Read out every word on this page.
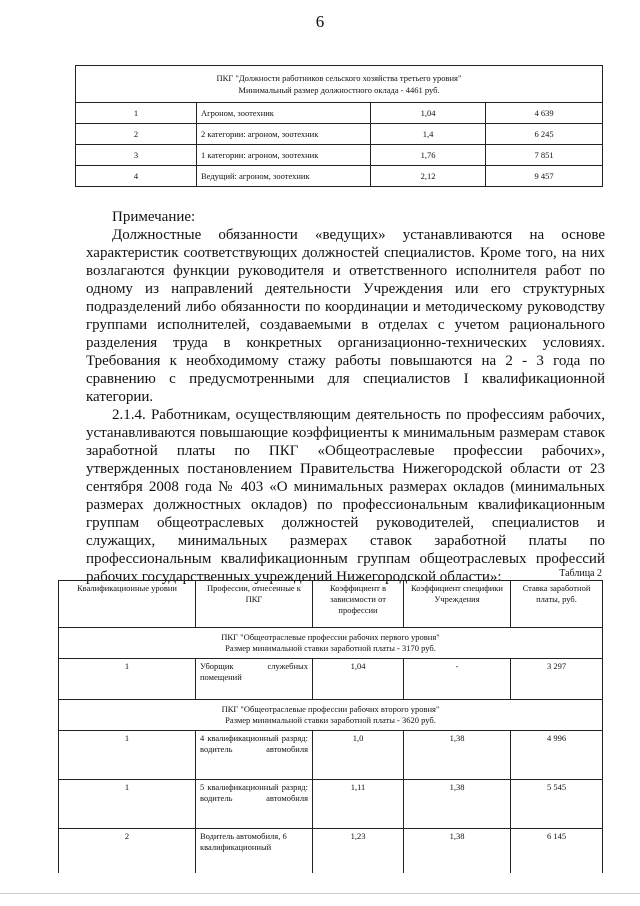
6
ПКГ "Должности работников сельского хозяйства третьего уровня"
Минимальный размер должностного оклада - 4461 руб.			

1	Агроном, зоотехник	1,04	4 639
2	2 категории: агроном, зоотехник	1,4	6 245
3	1 категории: агроном, зоотехник	1,76	7 851
4	Ведущий: агроном, зоотехник	2,12	9 457

Примечание:

Должностные обязанности «ведущих» устанавливаются на основе характеристик соответствующих должностей специалистов. Кроме того, на них возлагаются функции руководителя и ответственного исполнителя работ по одному из направлений деятельности Учреждения или его структурных подразделений либо обязанности по координации и методическому руководству группами исполнителей, создаваемыми в отделах с учетом рационального разделения труда в конкретных организационно-технических условиях. Требования к необходимому стажу работы повышаются на 2 - 3 года по сравнению с предусмотренными для специалистов I квалификационной категории.

2.1.4. Работникам, осуществляющим деятельность по профессиям рабочих, устанавливаются повышающие коэффициенты к минимальным размерам ставок заработной платы по ПКГ «Общеотраслевые профессии рабочих», утвержденных постановлением Правительства Нижегородской области от 23 сентября 2008 года № 403 «О минимальных размерах окладов (минимальных размерах должностных окладов) по профессиональным квалификационным группам общеотраслевых должностей руководителей, специалистов и служащих, минимальных размерах ставок заработной платы по профессиональным квалификационным группам общеотраслевых профессий рабочих государственных учреждений Нижегородской области»:	Таблица 2
Квалификационные уровни	Профессии, отнесенные к ПКГ	Коэффициент в зависимости от профессии	Коэффициент специфики Учреждения	Ставка заработной платы, руб.

ПКГ "Общеотраслевые профессии рабочих первого уровня"
Размер минимальной ставки заработной платы - 3170 руб.				

1	Уборщик служебных помещений	1,04	-	3 297

ПКГ "Общеотраслевые профессии рабочих второго уровня"
Размер минимальной ставки заработной платы - 3620 руб.				

1	4 квалификационный разряд: водитель автомобиля	1,0	1,38	4 996
1	5 квалификационный разряд: водитель автомобиля	1,11	1,38	5 545
2	Водитель автомобиля, 6 квалификационный	1,23	1,38	6 145
